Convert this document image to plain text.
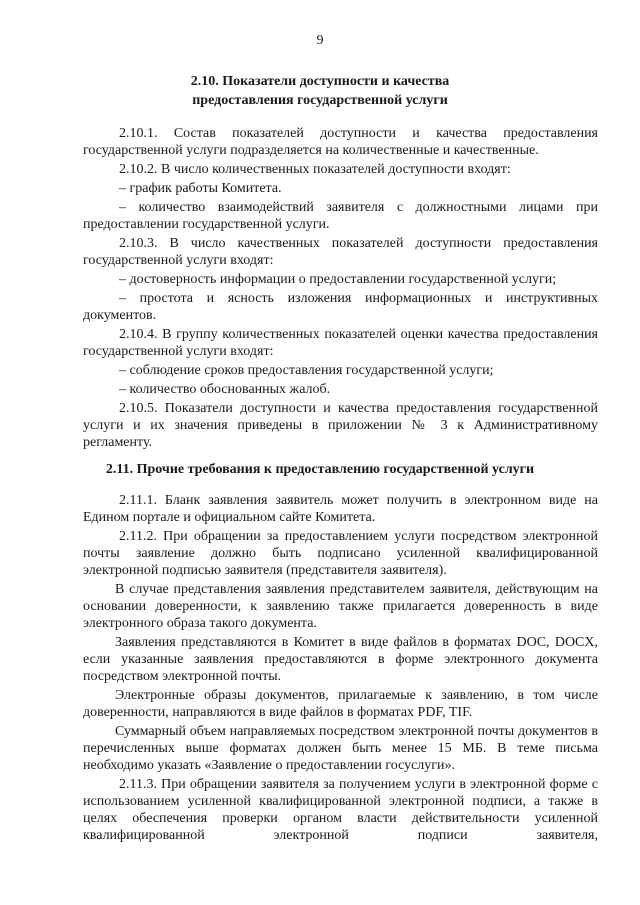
9
2.10. Показатели доступности и качества
предоставления государственной услуги

2.10.1. Состав показателей доступности и качества предоставления государственной услуги подразделяется на количественные и качественные.

2.10.2. В число количественных показателей доступности входят:

– график работы Комитета.

– количество взаимодействий заявителя с должностными лицами при предоставлении государственной услуги.

2.10.3. В число качественных показателей доступности предоставления государственной услуги входят:

– достоверность информации о предоставлении государственной услуги;

– простота и ясность изложения информационных и инструктивных документов.

2.10.4. В группу количественных показателей оценки качества предоставления государственной услуги входят:

– соблюдение сроков предоставления государственной услуги;

– количество обоснованных жалоб.

2.10.5. Показатели доступности и качества предоставления государственной услуги и их значения приведены в приложении № 3 к Административному регламенту.

2.11. Прочие требования к предоставлению государственной услуги

2.11.1. Бланк заявления заявитель может получить в электронном виде на Едином портале и официальном сайте Комитета.

2.11.2. При обращении за предоставлением услуги посредством электронной почты заявление должно быть подписано усиленной квалифицированной электронной подписью заявителя (представителя заявителя).

В случае представления заявления представителем заявителя, действующим на основании доверенности, к заявлению также прилагается доверенность в виде электронного образа такого документа.

Заявления представляются в Комитет в виде файлов в форматах DOC, DOCX, если указанные заявления предоставляются в форме электронного документа посредством электронной почты.

Электронные образы документов, прилагаемые к заявлению, в том числе доверенности, направляются в виде файлов в форматах PDF, TIF.

Суммарный объем направляемых посредством электронной почты документов в перечисленных выше форматах должен быть менее 15 МБ. В теме письма необходимо указать «Заявление о предоставлении госуслуги».

2.11.3. При обращении заявителя за получением услуги в электронной форме с использованием усиленной квалифицированной электронной подписи, а также в целях обеспечения проверки органом власти действительности усиленной квалифицированной электронной подписи заявителя,
